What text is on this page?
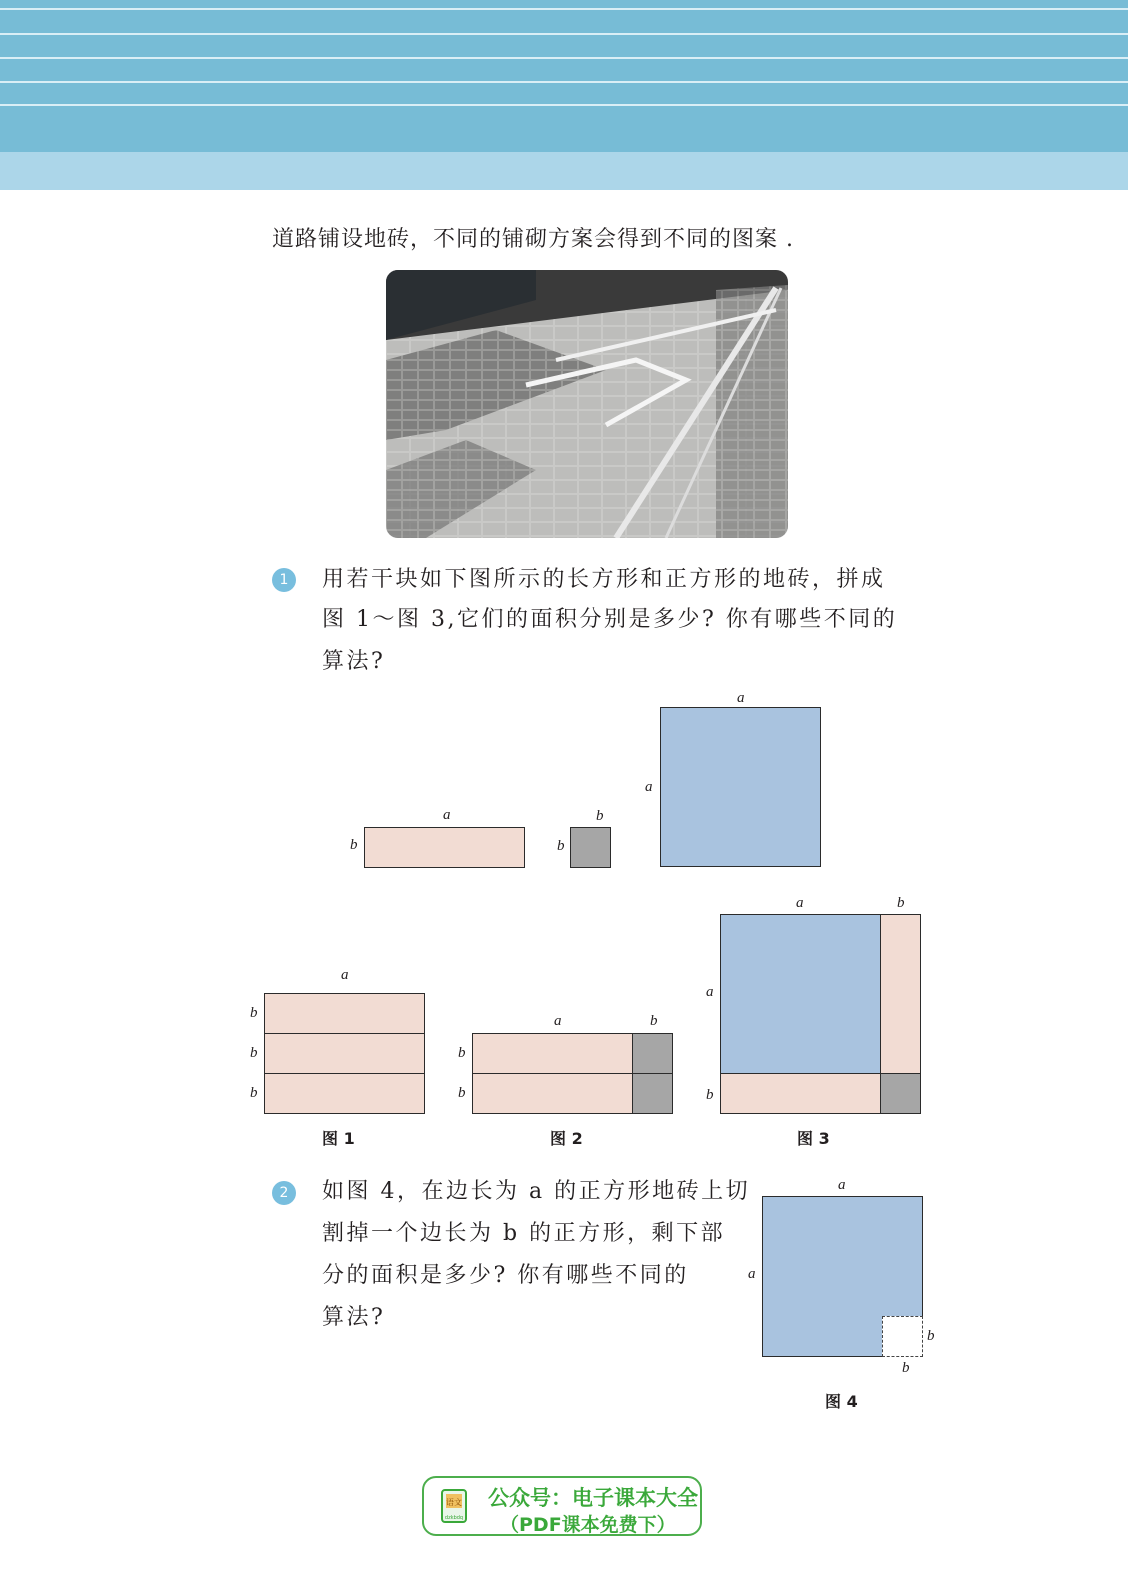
道路铺设地砖，不同的铺砌方案会得到不同的图案 .
1	用若干块如下图所示的长方形和正方形的地砖，拼成
图 1～图 3,它们的面积分别是多少? 你有哪些不同的
算法?
a
b
b
b
a
a
a
b
b
b
图 1
a	b
b
b
图 2
a	b
a
b
图 3
2	如图 4，在边长为 a 的正方形地砖上切
割掉一个边长为 b 的正方形，剩下部
分的面积是多少? 你有哪些不同的
算法?
a
a
b
b
图 4
语文
dzkbdq
公众号：电子课本大全
（PDF课本免费下）
